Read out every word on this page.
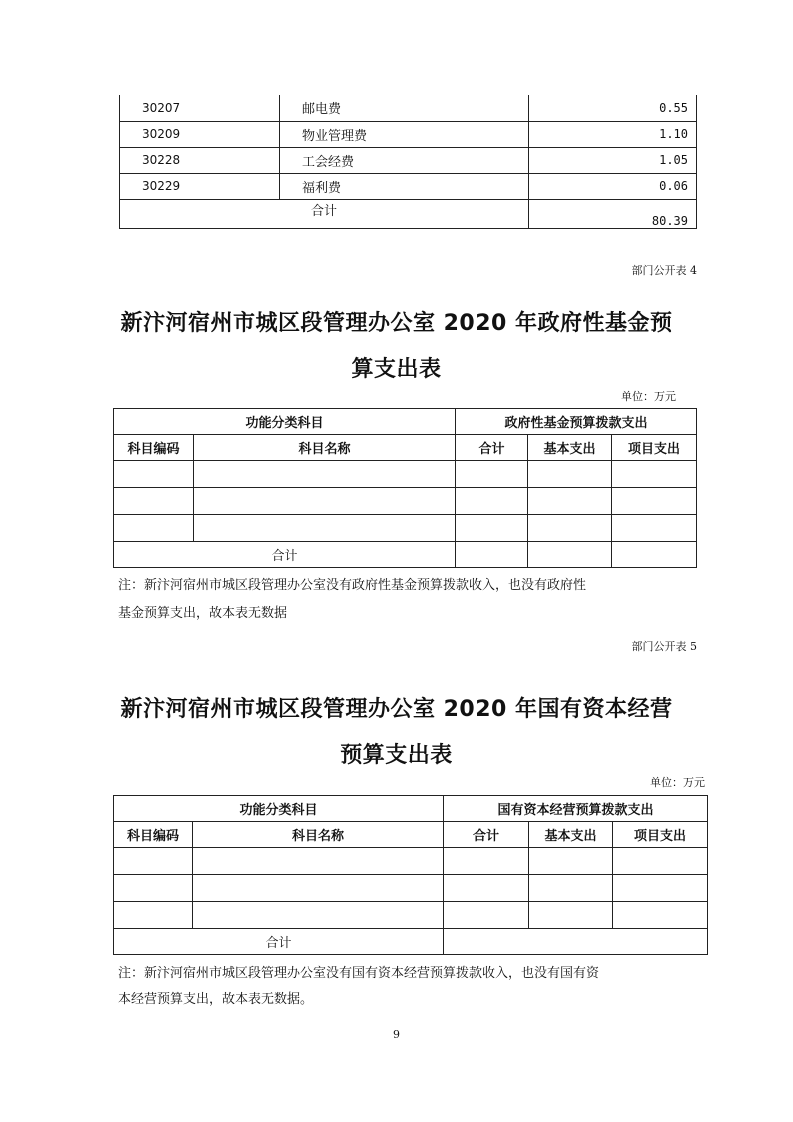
30207	邮电费	0.55
30209	物业管理费	1.10
30228	工会经费	1.05
30229	福利费	0.06
合计		80.39
部门公开表 4
新汴河宿州市城区段管理办公室 2020 年政府性基金预
算支出表
单位：万元
功能分类科目		政府性基金预算拨款支出		
科目编码	科目名称	合计	基本支出	项目支出

合计				
注：新汴河宿州市城区段管理办公室没有政府性基金预算拨款收入，也没有政府性
基金预算支出，故本表无数据
部门公开表 5
新汴河宿州市城区段管理办公室 2020 年国有资本经营
预算支出表
单位：万元
功能分类科目		国有资本经营预算拨款支出		
科目编码	科目名称	合计	基本支出	项目支出

合计				
注：新汴河宿州市城区段管理办公室没有国有资本经营预算拨款收入，也没有国有资
本经营预算支出，故本表无数据。
9
